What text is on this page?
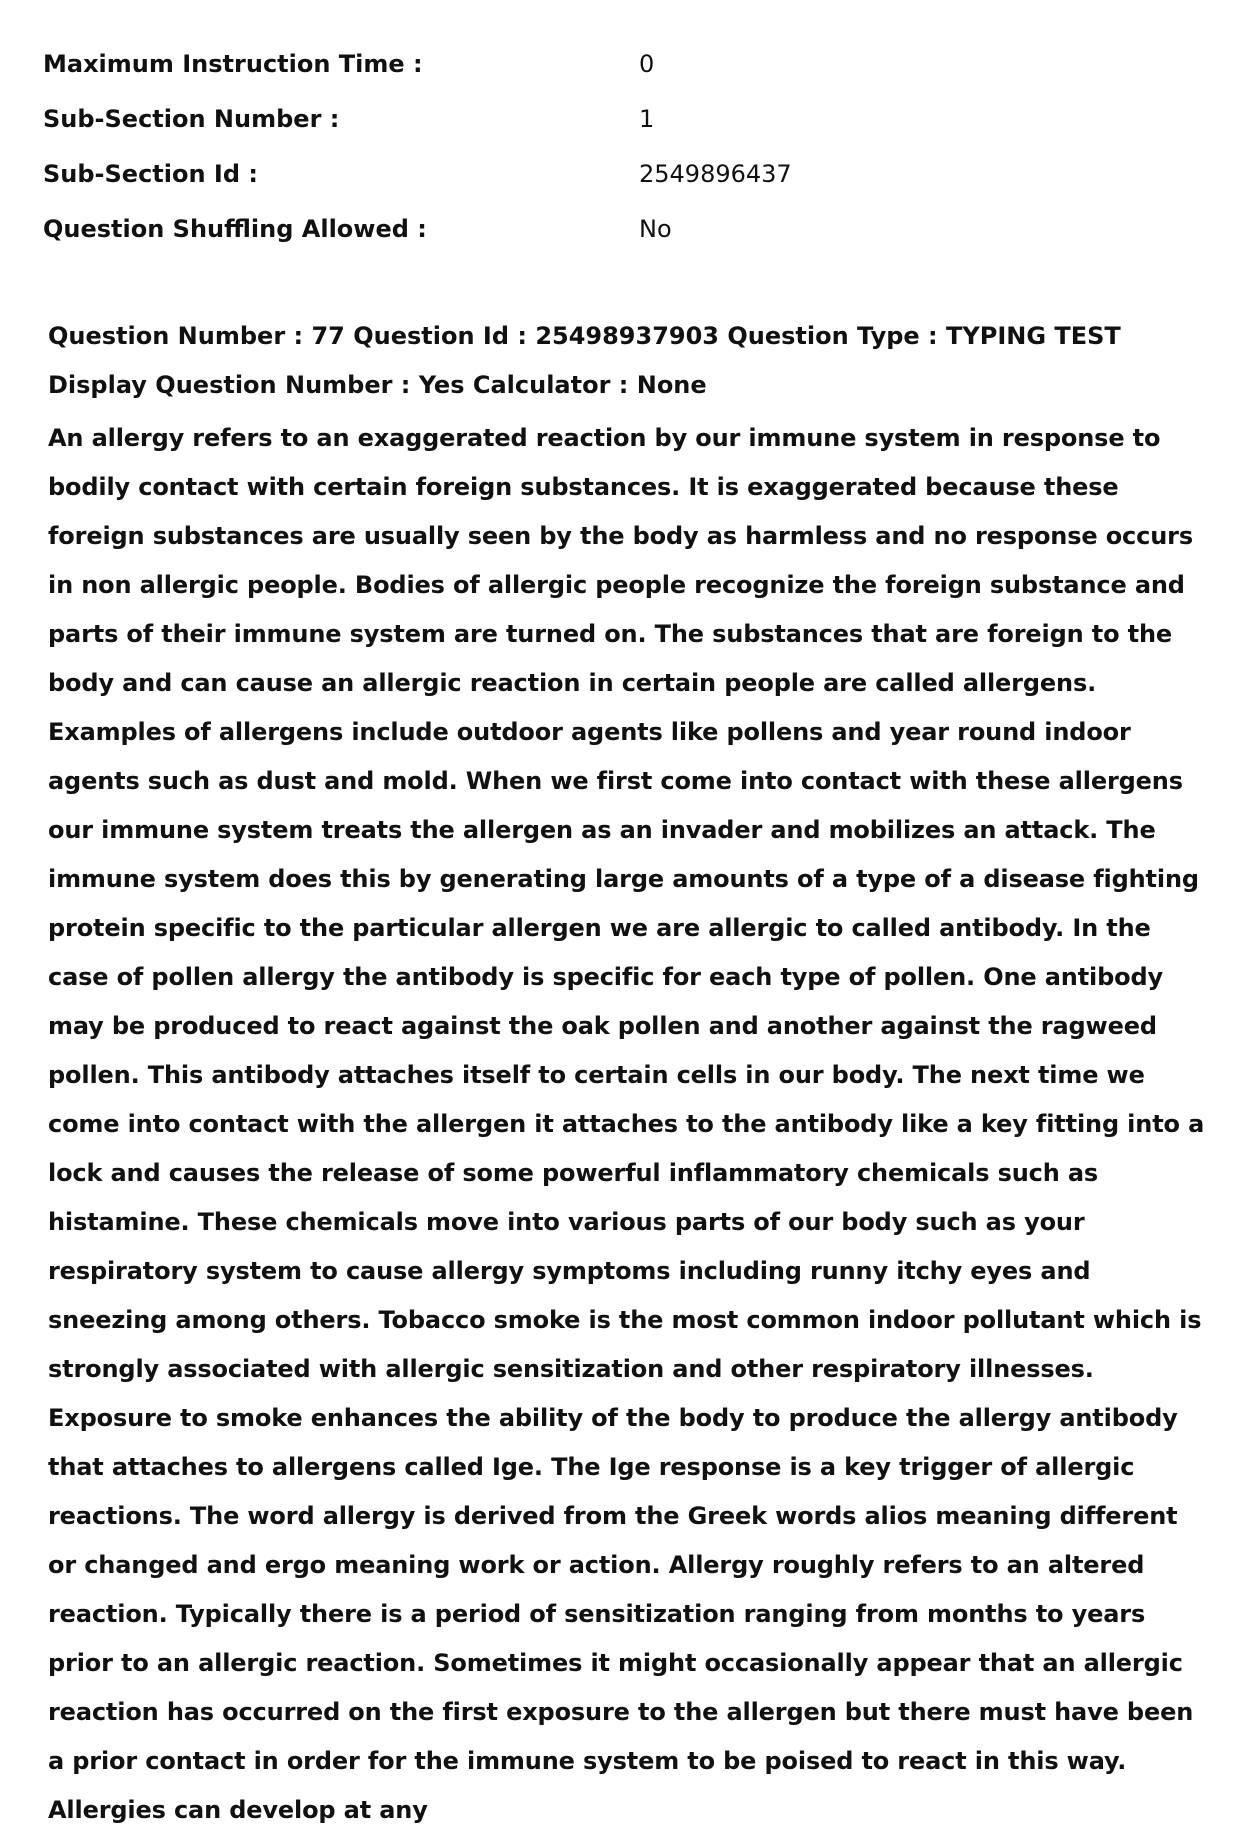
Maximum Instruction Time :	0
Sub-Section Number :	1
Sub-Section Id :	2549896437
Question Shuffling Allowed :	No

Question Number : 77 Question Id : 25498937903 Question Type : TYPING TEST Display Question Number : Yes Calculator : None

An allergy refers to an exaggerated reaction by our immune system in response to bodily contact with certain foreign substances. It is exaggerated because these foreign substances are usually seen by the body as harmless and no response occurs in non allergic people. Bodies of allergic people recognize the foreign substance and parts of their immune system are turned on. The substances that are foreign to the body and can cause an allergic reaction in certain people are called allergens. Examples of allergens include outdoor agents like pollens and year round indoor agents such as dust and mold. When we first come into contact with these allergens our immune system treats the allergen as an invader and mobilizes an attack. The immune system does this by generating large amounts of a type of a disease fighting protein specific to the particular allergen we are allergic to called antibody. In the case of pollen allergy the antibody is specific for each type of pollen. One antibody may be produced to react against the oak pollen and another against the ragweed pollen. This antibody attaches itself to certain cells in our body. The next time we come into contact with the allergen it attaches to the antibody like a key fitting into a lock and causes the release of some powerful inflammatory chemicals such as histamine. These chemicals move into various parts of our body such as your respiratory system to cause allergy symptoms including runny itchy eyes and sneezing among others. Tobacco smoke is the most common indoor pollutant which is strongly associated with allergic sensitization and other respiratory illnesses. Exposure to smoke enhances the ability of the body to produce the allergy antibody that attaches to allergens called Ige. The Ige response is a key trigger of allergic reactions. The word allergy is derived from the Greek words alios meaning different or changed and ergo meaning work or action. Allergy roughly refers to an altered reaction. Typically there is a period of sensitization ranging from months to years prior to an allergic reaction. Sometimes it might occasionally appear that an allergic reaction has occurred on the first exposure to the allergen but there must have been a prior contact in order for the immune system to be poised to react in this way. Allergies can develop at any
